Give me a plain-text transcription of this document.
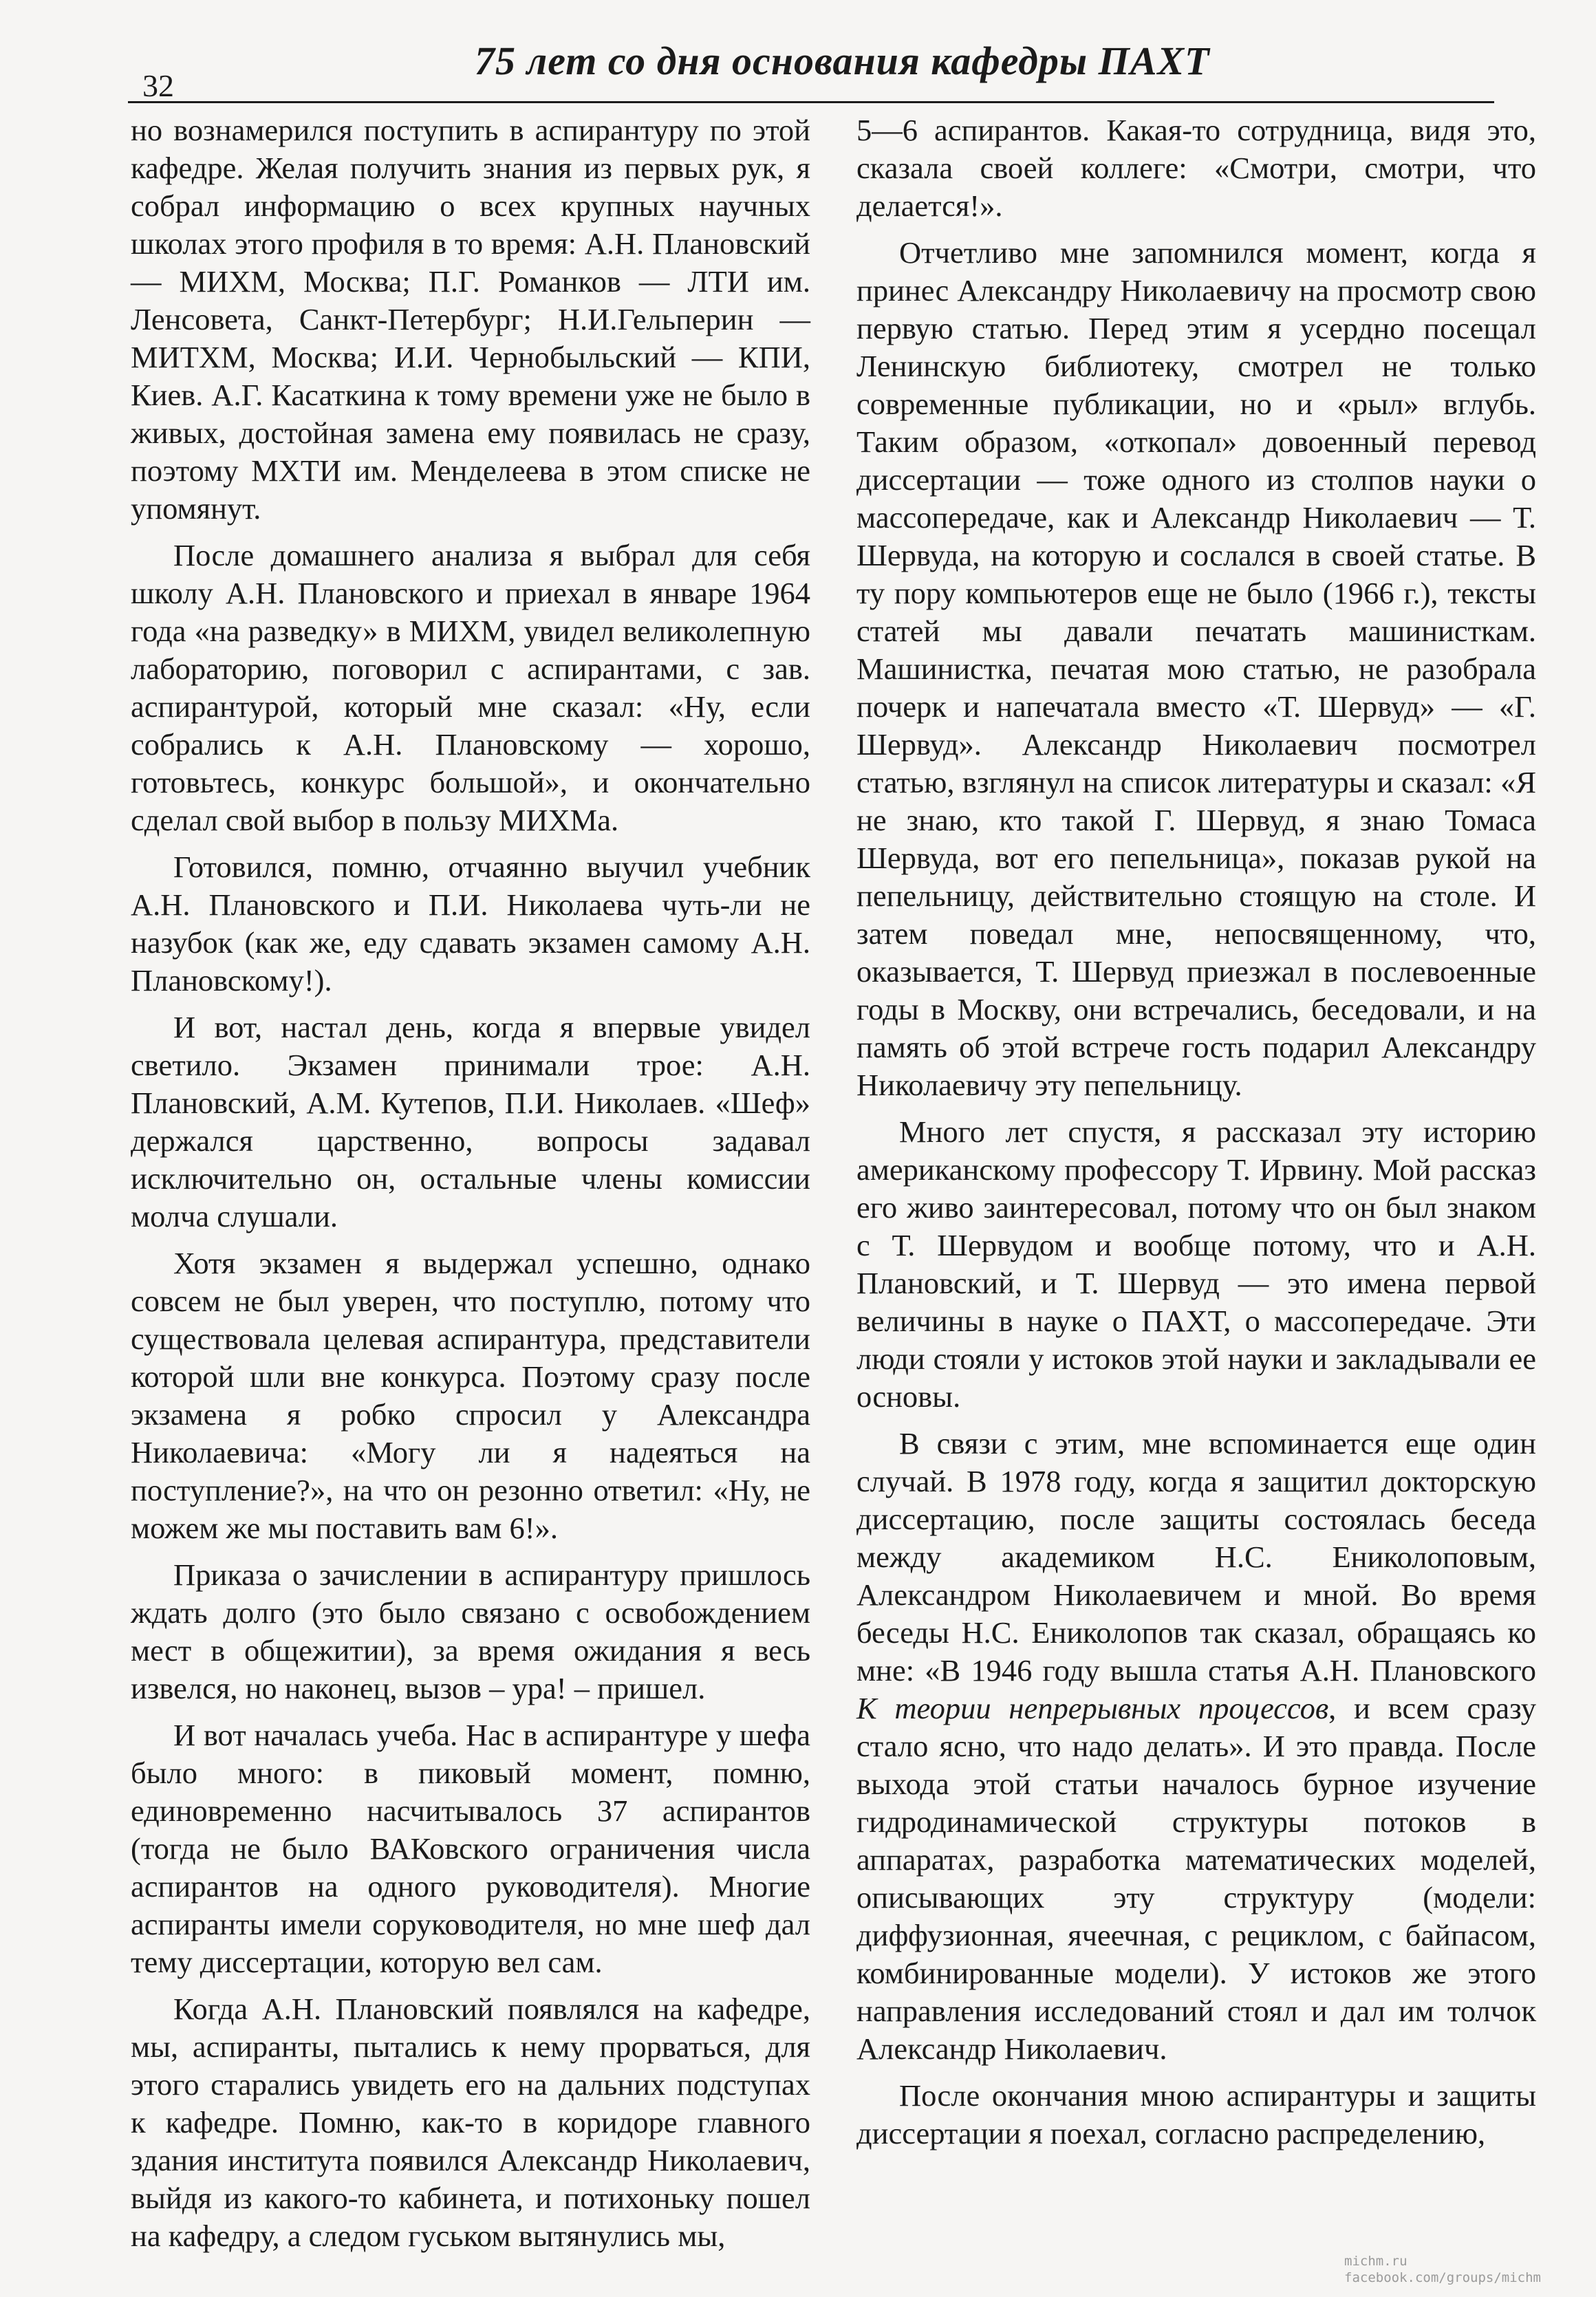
32
75 лет со дня основания кафедры ПАХТ

но вознамерился поступить в аспирантуру по этой кафедре. Желая получить знания из первых рук, я собрал информацию о всех крупных научных школах этого профиля в то время: А.Н. Плановский — МИХМ, Москва; П.Г. Романков — ЛТИ им. Ленсовета, Санкт-Петербург; Н.И.Гельперин — МИТХМ, Москва; И.И. Чернобыльский — КПИ, Киев. А.Г. Касаткина к тому времени уже не было в живых, достойная замена ему появилась не сразу, поэтому МХТИ им. Менделеева в этом списке не упомянут.

После домашнего анализа я выбрал для себя школу А.Н. Плановского и приехал в январе 1964 года «на разведку» в МИХМ, увидел великолепную лабораторию, поговорил с аспирантами, с зав. аспирантурой, который мне сказал: «Ну, если собрались к А.Н. Плановскому — хорошо, готовьтесь, конкурс большой», и окончательно сделал свой выбор в пользу МИХМа.

Готовился, помню, отчаянно выучил учебник А.Н. Плановского и П.И. Николаева чуть-ли не назубок (как же, еду сдавать экзамен самому А.Н. Плановскому!).

И вот, настал день, когда я впервые увидел светило. Экзамен принимали трое: А.Н. Плановский, А.М. Кутепов, П.И. Николаев. «Шеф» держался царственно, вопросы задавал исключительно он, остальные члены комиссии молча слушали.

Хотя экзамен я выдержал успешно, однако совсем не был уверен, что поступлю, потому что существовала целевая аспирантура, представители которой шли вне конкурса. Поэтому сразу после экзамена я робко спросил у Александра Николаевича: «Могу ли я надеяться на поступление?», на что он резонно ответил: «Ну, не можем же мы поставить вам 6!».

Приказа о зачислении в аспирантуру пришлось ждать долго (это было связано с освобождением мест в общежитии), за время ожидания я весь извелся, но наконец, вызов – ура! – пришел.

И вот началась учеба. Нас в аспирантуре у шефа было много: в пиковый момент, помню, единовременно насчитывалось 37 аспирантов (тогда не было ВАКовского ограничения числа аспирантов на одного руководителя). Многие аспиранты имели соруководителя, но мне шеф дал тему диссертации, которую вел сам.

Когда А.Н. Плановский появлялся на кафедре, мы, аспиранты, пытались к нему прорваться, для этого старались увидеть его на дальних подступах к кафедре. Помню, как-то в коридоре главного здания института появился Александр Николаевич, выйдя из какого-то кабинета, и потихоньку пошел на кафедру, а следом гуськом вытянулись мы,

5—6 аспирантов. Какая-то сотрудница, видя это, сказала своей коллеге: «Смотри, смотри, что делается!».

Отчетливо мне запомнился момент, когда я принес Александру Николаевичу на просмотр свою первую статью. Перед этим я усердно посещал Ленинскую библиотеку, смотрел не только современные публикации, но и «рыл» вглубь. Таким образом, «откопал» довоенный перевод диссертации — тоже одного из столпов науки о массопередаче, как и Александр Николаевич — Т. Шервуда, на которую и сослался в своей статье. В ту пору компьютеров еще не было (1966 г.), тексты статей мы давали печатать машинисткам. Машинистка, печатая мою статью, не разобрала почерк и напечатала вместо «Т. Шервуд» — «Г. Шервуд». Александр Николаевич посмотрел статью, взглянул на список литературы и сказал: «Я не знаю, кто такой Г. Шервуд, я знаю Томаса Шервуда, вот его пепельница», показав рукой на пепельницу, действительно стоящую на столе. И затем поведал мне, непосвященному, что, оказывается, Т. Шервуд приезжал в послевоенные годы в Москву, они встречались, беседовали, и на память об этой встрече гость подарил Александру Николаевичу эту пепельницу.

Много лет спустя, я рассказал эту историю американскому профессору Т. Ирвину. Мой рассказ его живо заинтересовал, потому что он был знаком с Т. Шервудом и вообще потому, что и А.Н. Плановский, и Т. Шервуд — это имена первой величины в науке о ПАХТ, о массопередаче. Эти люди стояли у истоков этой науки и закладывали ее основы.

В связи с этим, мне вспоминается еще один случай. В 1978 году, когда я защитил докторскую диссертацию, после защиты состоялась беседа между академиком Н.С. Ениколоповым, Александром Николаевичем и мной. Во время беседы Н.С. Ениколопов так сказал, обращаясь ко мне: «В 1946 году вышла статья А.Н. Плановского К теории непрерывных процессов, и всем сразу стало ясно, что надо делать». И это правда. После выхода этой статьи началось бурное изучение гидродинамической структуры потоков в аппаратах, разработка математических моделей, описывающих эту структуру (модели: диффузионная, ячеечная, с рециклом, с байпасом, комбинированные модели). У истоков же этого направления исследований стоял и дал им толчок Александр Николаевич.

После окончания мною аспирантуры и защиты диссертации я поехал, согласно распределению,

michm.ru
facebook.com/groups/michm
